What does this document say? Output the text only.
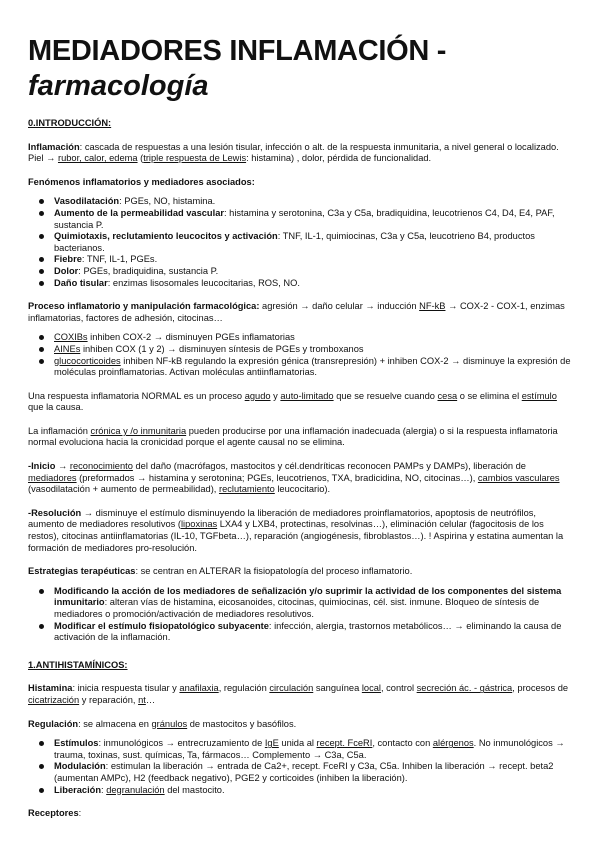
MEDIADORES INFLAMACIÓN -
farmacología

0.INTRODUCCIÓN:

Inflamación: cascada de respuestas a una lesión tisular, infección o alt. de la respuesta inmunitaria, a nivel general o localizado. Piel → rubor, calor, edema (triple respuesta de Lewis: histamina) , dolor, pérdida de funcionalidad.

Fenómenos inflamatorios y mediadores asociados:

Vasodilatación: PGEs, NO, histamina.
Aumento de la permeabilidad vascular: histamina y serotonina, C3a y C5a, bradiquidina, leucotrienos C4, D4, E4, PAF, sustancia P.
Quimiotaxis, reclutamiento leucocitos y activación: TNF, IL-1, quimiocinas, C3a y C5a, leucotrieno B4, productos bacterianos.
Fiebre: TNF, IL-1, PGEs.
Dolor: PGEs, bradiquidina, sustancia P.
Daño tisular: enzimas lisosomales leucocitarias, ROS, NO.

Proceso inflamatorio y manipulación farmacológica: agresión → daño celular → inducción NF-kB → COX-2 - COX-1, enzimas inflamatorias, factores de adhesión, citocinas…

COXIBs inhiben COX-2 → disminuyen PGEs inflamatorias
AINEs inhiben COX (1 y 2) → disminuyen síntesis de PGEs y tromboxanos
glucocorticoides inhiben NF-kB regulando la expresión génica (transrepresión) + inhiben COX-2 → disminuye la expresión de moléculas proinflamatorias. Activan moléculas antiinflamatorias.

Una respuesta inflamatoria NORMAL es un proceso agudo y auto-limitado que se resuelve cuando cesa o se elimina el estímulo que la causa.

La inflamación crónica y /o inmunitaria pueden producirse por una inflamación inadecuada (alergia) o si la respuesta inflamatoria normal evoluciona hacia la cronicidad porque el agente causal no se elimina.

-Inicio → reconocimiento del daño (macrófagos, mastocitos y cél.dendríticas reconocen PAMPs y DAMPs), liberación de mediadores (preformados → histamina y serotonina; PGEs, leucotrienos, TXA, bradicidina, NO, citocinas…), cambios vasculares (vasodilatación + aumento de permeabilidad), reclutamiento leucocitario).

-Resolución → disminuye el estímulo disminuyendo la liberación de mediadores proinflamatorios, apoptosis de neutrófilos, aumento de mediadores resolutivos (lipoxinas LXA4 y LXB4, protectinas, resolvinas…), eliminación celular (fagocitosis de los restos), citocinas antiinflamatorias (IL-10, TGFbeta…), reparación (angiogénesis, fibroblastos…). ! Aspirina y estatina aumentan la formación de mediadores pro-resolución.

Estrategias terapéuticas: se centran en ALTERAR la fisiopatología del proceso inflamatorio.

Modificando la acción de los mediadores de señalización y/o suprimir la actividad de los componentes del sistema inmunitario: alteran vías de histamina, eicosanoides, citocinas, quimiocinas, cél. sist. inmune. Bloqueo de síntesis de mediadores o promoción/activación de mediadores resolutivos.
Modificar el estímulo fisiopatológico subyacente: infección, alergia, trastornos metabólicos… → eliminando la causa de activación de la inflamación.

1.ANTIHISTAMÍNICOS:

Histamina: inicia respuesta tisular y anafilaxia, regulación circulación sanguínea local, control secreción ác. - gástrica, procesos de cicatrización y reparación, nt…

Regulación: se almacena en gránulos de mastocitos y basófilos.

Estímulos: inmunológicos → entrecruzamiento de IgE unida al recept. FceRI, contacto con alérgenos. No inmunológicos → trauma, toxinas, sust. químicas, Ta, fármacos… Complemento → C3a, C5a.
Modulación: estimulan la liberación → entrada de Ca2+, recept. FceRI y C3a, C5a. Inhiben la liberación → recept. beta2 (aumentan AMPc), H2 (feedback negativo), PGE2 y corticoides (inhiben la liberación).
Liberación: degranulación del mastocito.

Receptores:
